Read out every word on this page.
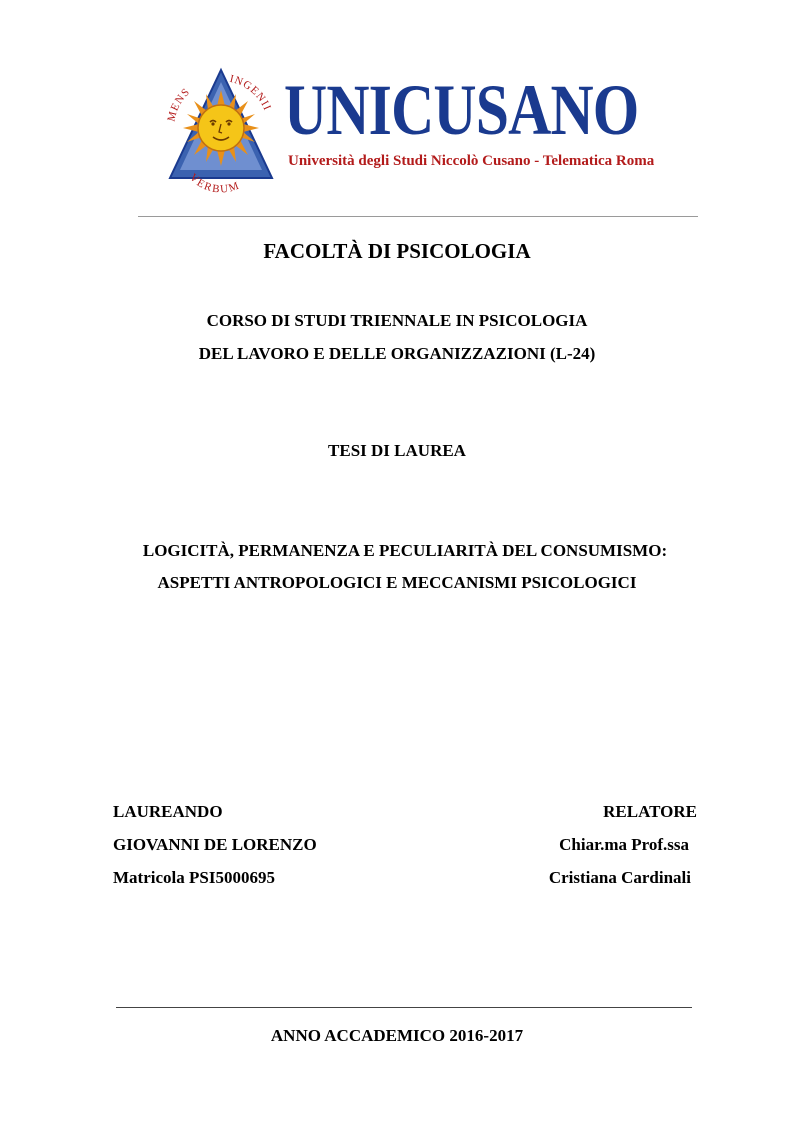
MENS
INGENII
VERBUM
UNICUSANO
Università degli Studi Niccolò Cusano - Telematica Roma
FACOLTÀ DI PSICOLOGIA
CORSO DI STUDI TRIENNALE IN PSICOLOGIA
DEL LAVORO E DELLE ORGANIZZAZIONI (L-24)
TESI DI LAUREA
LOGICITÀ, PERMANENZA E PECULIARITÀ DEL CONSUMISMO:
ASPETTI ANTROPOLOGICI E MECCANISMI PSICOLOGICI
LAUREANDO
GIOVANNI DE LORENZO
Matricola PSI5000695
RELATORE
Chiar.ma Prof.ssa
Cristiana Cardinali
ANNO ACCADEMICO 2016-2017
